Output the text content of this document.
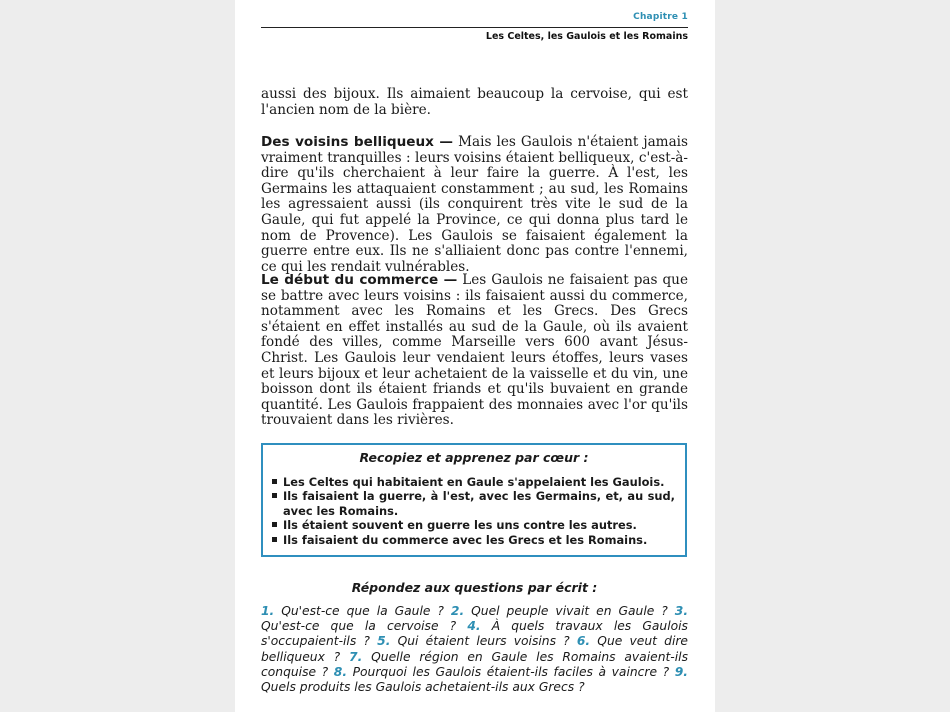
Chapitre 1
Les Celtes, les Gaulois et les Romains

aussi des bijoux. Ils aimaient beaucoup la cervoise, qui est l'ancien nom de la bière.

Des voisins belliqueux — Mais les Gaulois n'étaient jamais vraiment tranquilles : leurs voisins étaient belliqueux, c'est-à-dire qu'ils cherchaient à leur faire la guerre. À l'est, les Germains les attaquaient constamment ; au sud, les Romains les agressaient aussi (ils conquirent très vite le sud de la Gaule, qui fut appelé la Province, ce qui donna plus tard le nom de Provence). Les Gaulois se faisaient également la guerre entre eux. Ils ne s'alliaient donc pas contre l'ennemi, ce qui les rendait vulnérables.

Le début du commerce — Les Gaulois ne faisaient pas que se battre avec leurs voisins : ils faisaient aussi du commerce, notamment avec les Romains et les Grecs. Des Grecs s'étaient en effet installés au sud de la Gaule, où ils avaient fondé des villes, comme Marseille vers 600 avant Jésus-Christ. Les Gaulois leur vendaient leurs étoffes, leurs vases et leurs bijoux et leur achetaient de la vaisselle et du vin, une boisson dont ils étaient friands et qu'ils buvaient en grande quantité. Les Gaulois frappaient des monnaies avec l'or qu'ils trouvaient dans les rivières.

Recopiez et apprenez par cœur :
Les Celtes qui habitaient en Gaule s'appelaient les Gaulois.
Ils faisaient la guerre, à l'est, avec les Germains, et, au sud, avec les Romains.
Ils étaient souvent en guerre les uns contre les autres.
Ils faisaient du commerce avec les Grecs et les Romains.
Répondez aux questions par écrit :
1. Qu'est-ce que la Gaule ? 2. Quel peuple vivait en Gaule ? 3. Qu'est-ce que la cervoise ? 4. À quels travaux les Gaulois s'occupaient-ils ? 5. Qui étaient leurs voisins ? 6. Que veut dire belliqueux ? 7. Quelle région en Gaule les Romains avaient-ils conquise ? 8. Pourquoi les Gaulois étaient-ils faciles à vaincre ? 9. Quels produits les Gaulois achetaient-ils aux Grecs ?
